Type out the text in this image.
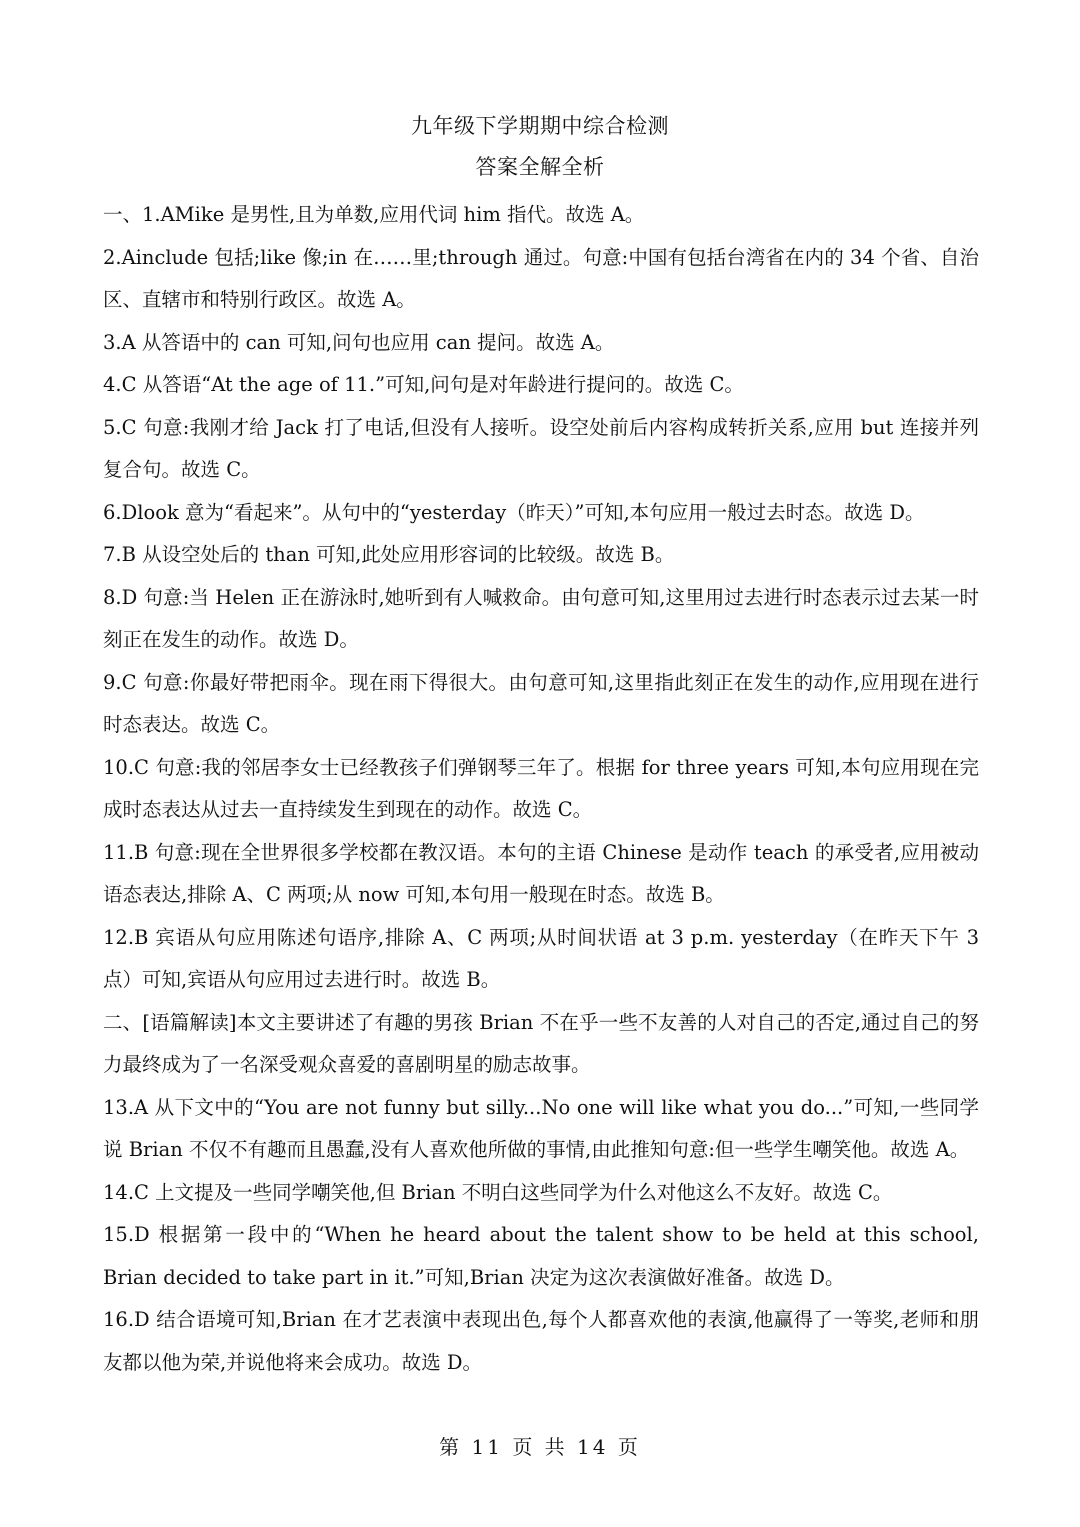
九年级下学期期中综合检测
答案全解全析

一、1.AMike 是男性,且为单数,应用代词 him 指代。故选 A。

2.Ainclude 包括;like 像;in 在……里;through 通过。句意:中国有包括台湾省在内的 34 个省、自治区、直辖市和特别行政区。故选 A。

3.A 从答语中的 can 可知,问句也应用 can 提问。故选 A。

4.C 从答语“At the age of 11.”可知,问句是对年龄进行提问的。故选 C。

5.C 句意:我刚才给 Jack 打了电话,但没有人接听。设空处前后内容构成转折关系,应用 but 连接并列复合句。故选 C。

6.Dlook 意为“看起来”。从句中的“yesterday（昨天）”可知,本句应用一般过去时态。故选 D。

7.B 从设空处后的 than 可知,此处应用形容词的比较级。故选 B。

8.D 句意:当 Helen 正在游泳时,她听到有人喊救命。由句意可知,这里用过去进行时态表示过去某一时刻正在发生的动作。故选 D。

9.C 句意:你最好带把雨伞。现在雨下得很大。由句意可知,这里指此刻正在发生的动作,应用现在进行时态表达。故选 C。

10.C 句意:我的邻居李女士已经教孩子们弹钢琴三年了。根据 for three years 可知,本句应用现在完成时态表达从过去一直持续发生到现在的动作。故选 C。

11.B 句意:现在全世界很多学校都在教汉语。本句的主语 Chinese 是动作 teach 的承受者,应用被动语态表达,排除 A、C 两项;从 now 可知,本句用一般现在时态。故选 B。

12.B 宾语从句应用陈述句语序,排除 A、C 两项;从时间状语 at 3 p.m. yesterday（在昨天下午 3 点）可知,宾语从句应用过去进行时。故选 B。

二、[语篇解读]本文主要讲述了有趣的男孩 Brian 不在乎一些不友善的人对自己的否定,通过自己的努力最终成为了一名深受观众喜爱的喜剧明星的励志故事。

13.A 从下文中的“You are not funny but silly...No one will like what you do...”可知,一些同学说 Brian 不仅不有趣而且愚蠢,没有人喜欢他所做的事情,由此推知句意:但一些学生嘲笑他。故选 A。

14.C 上文提及一些同学嘲笑他,但 Brian 不明白这些同学为什么对他这么不友好。故选 C。

15.D 根据第一段中的“When he heard about the talent show to be held at this school, Brian decided to take part in it.”可知,Brian 决定为这次表演做好准备。故选 D。

16.D 结合语境可知,Brian 在才艺表演中表现出色,每个人都喜欢他的表演,他赢得了一等奖,老师和朋友都以他为荣,并说他将来会成功。故选 D。

第 11 页 共 14 页
